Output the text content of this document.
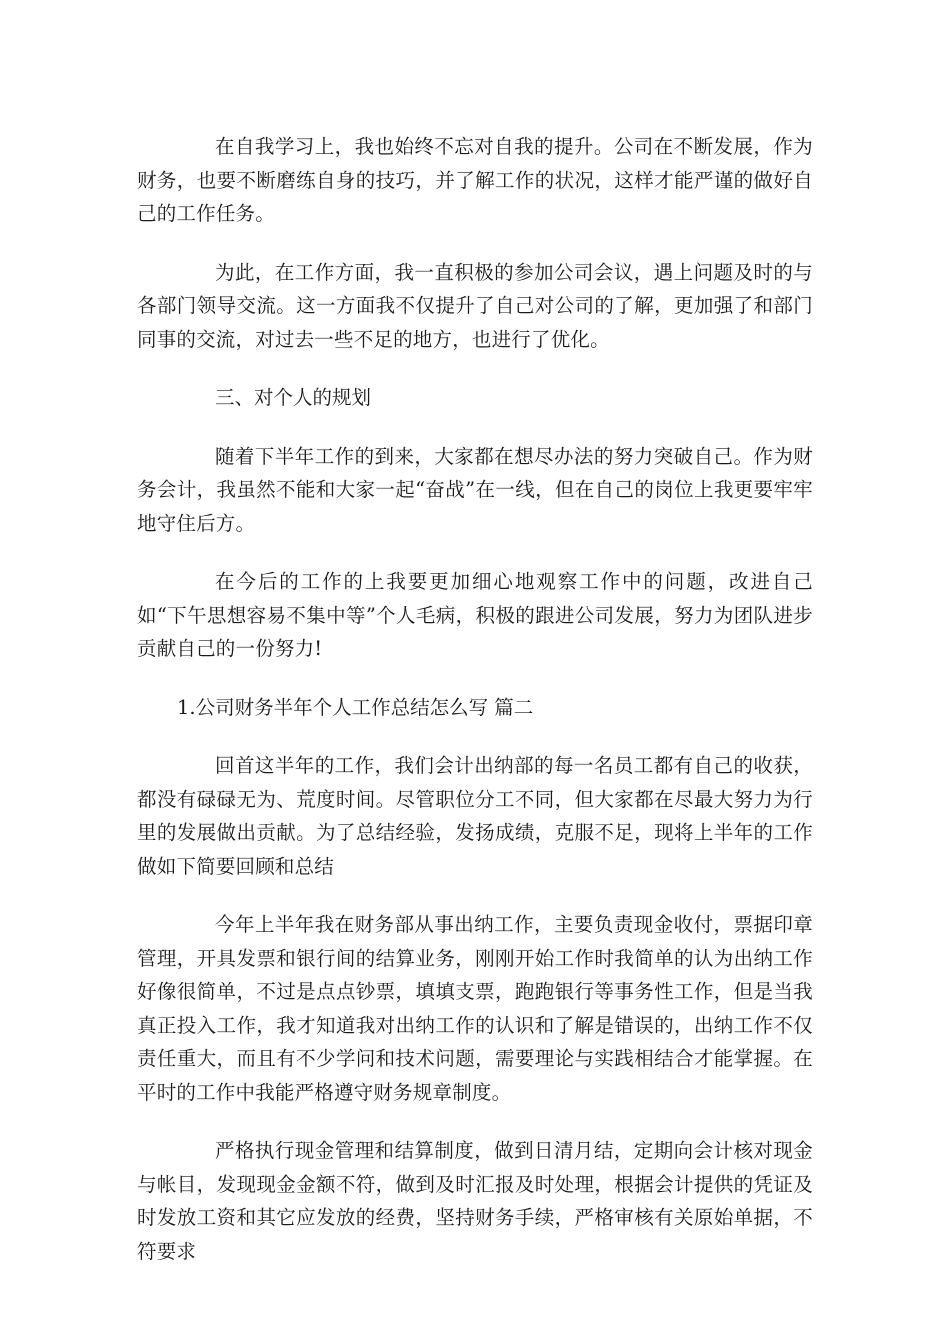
在自我学习上，我也始终不忘对自我的提升。公司在不断发展，作为财务，也要不断磨练自身的技巧，并了解工作的状况，这样才能严谨的做好自己的工作任务。

为此，在工作方面，我一直积极的参加公司会议，遇上问题及时的与各部门领导交流。这一方面我不仅提升了自己对公司的了解，更加强了和部门同事的交流，对过去一些不足的地方，也进行了优化。

三、对个人的规划

随着下半年工作的到来，大家都在想尽办法的努力突破自己。作为财务会计，我虽然不能和大家一起“奋战”在一线，但在自己的岗位上我更要牢牢地守住后方。

在今后的工作的上我要更加细心地观察工作中的问题，改进自己如“下午思想容易不集中等”个人毛病，积极的跟进公司发展，努力为团队进步贡献自己的一份努力!

1.公司财务半年个人工作总结怎么写 篇二

回首这半年的工作，我们会计出纳部的每一名员工都有自己的收获，都没有碌碌无为、荒度时间。尽管职位分工不同，但大家都在尽最大努力为行里的发展做出贡献。为了总结经验，发扬成绩，克服不足，现将上半年的工作做如下简要回顾和总结

今年上半年我在财务部从事出纳工作，主要负责现金收付，票据印章管理，开具发票和银行间的结算业务，刚刚开始工作时我简单的认为出纳工作好像很简单，不过是点点钞票，填填支票，跑跑银行等事务性工作，但是当我真正投入工作，我才知道我对出纳工作的认识和了解是错误的，出纳工作不仅责任重大，而且有不少学问和技术问题，需要理论与实践相结合才能掌握。在平时的工作中我能严格遵守财务规章制度。

严格执行现金管理和结算制度，做到日清月结，定期向会计核对现金与帐目，发现现金金额不符，做到及时汇报及时处理，根据会计提供的凭证及时发放工资和其它应发放的经费，坚持财务手续，严格审核有关原始单据，不符要求
